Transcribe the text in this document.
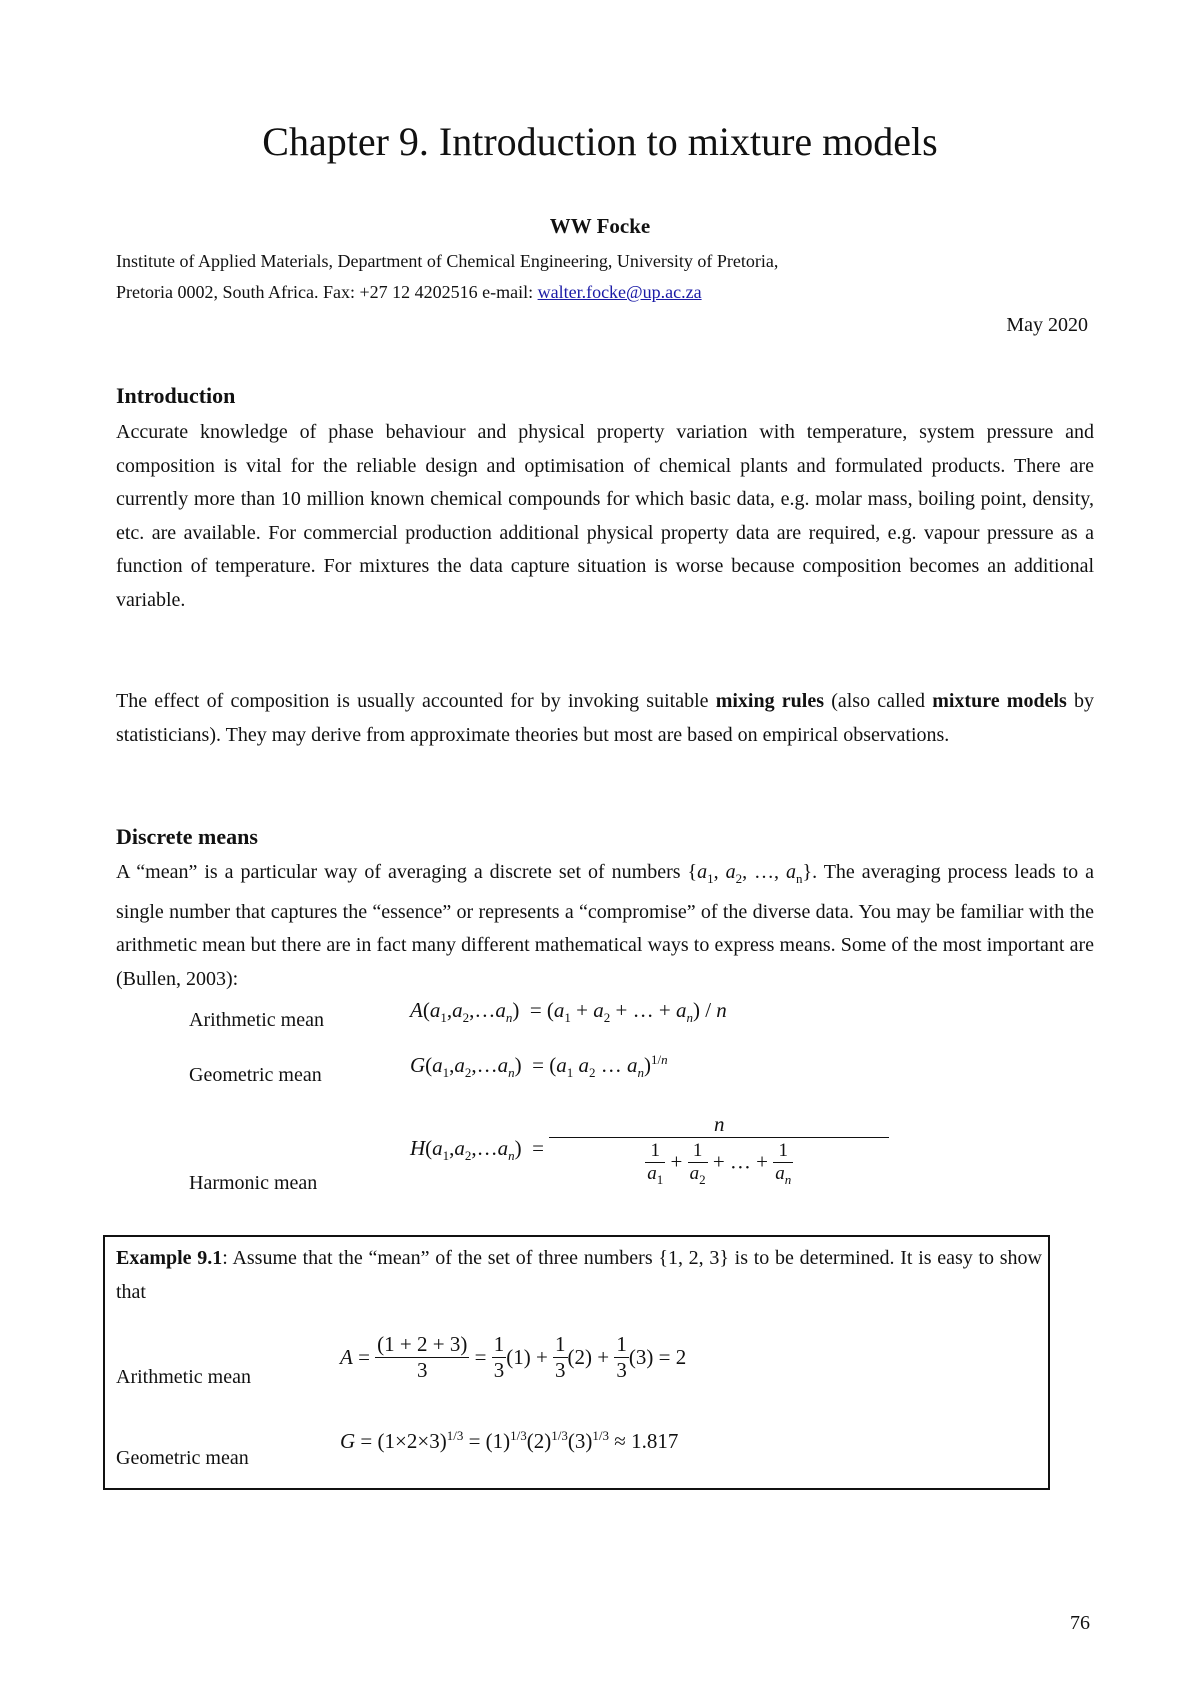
Chapter 9. Introduction to mixture models
WW Focke
Institute of Applied Materials, Department of Chemical Engineering, University of Pretoria,
Pretoria 0002, South Africa. Fax: +27 12 4202516 e-mail: walter.focke@up.ac.za
May 2020
Introduction
Accurate knowledge of phase behaviour and physical property variation with temperature, system pressure and composition is vital for the reliable design and optimisation of chemical plants and formulated products. There are currently more than 10 million known chemical compounds for which basic data, e.g. molar mass, boiling point, density, etc. are available. For commercial production additional physical property data are required, e.g. vapour pressure as a function of temperature. For mixtures the data capture situation is worse because composition becomes an additional variable.
The effect of composition is usually accounted for by invoking suitable mixing rules (also called mixture models by statisticians). They may derive from approximate theories but most are based on empirical observations.
Discrete means
A “mean” is a particular way of averaging a discrete set of numbers {$a_1$, $a_2$, …, $a_n$}. The averaging process leads to a single number that captures the “essence” or represents a “compromise” of the diverse data. You may be familiar with the arithmetic mean but there are in fact many different mathematical ways to express means. Some of the most important are (Bullen, 2003):
Arithmetic mean	$A(a_1,a_2,\dots a_n) = (a_1 + a_2$ + … + $a_n$) / n
Geometric mean	$G(a_1,a_2,\dots a_n) = (a_1$ $a_2$ … $a_n)^{1/n}$
$H(a_1,a_2,\dots a_n) = \frac{n}{\frac{1}{a_1} + \frac{1}{a_2} + \dots + \frac{1}{a_n}}$
Harmonic mean
Example 9.1: Assume that the “mean” of the set of three numbers {1, 2, 3} is to be determined. It is easy to show that
Arithmetic mean
$A = \frac{(1 + 2 + 3)}{3} = \frac{1}{3} (1) + \frac{1}{3} (2) + \frac{1}{3} (3) = 2$
Geometric mean
$G = (1\times 2\times 3)^{1/3} = (1)^{1/3}(2)^{1/3}(3)^{1/3} \approx 1.817$
76
